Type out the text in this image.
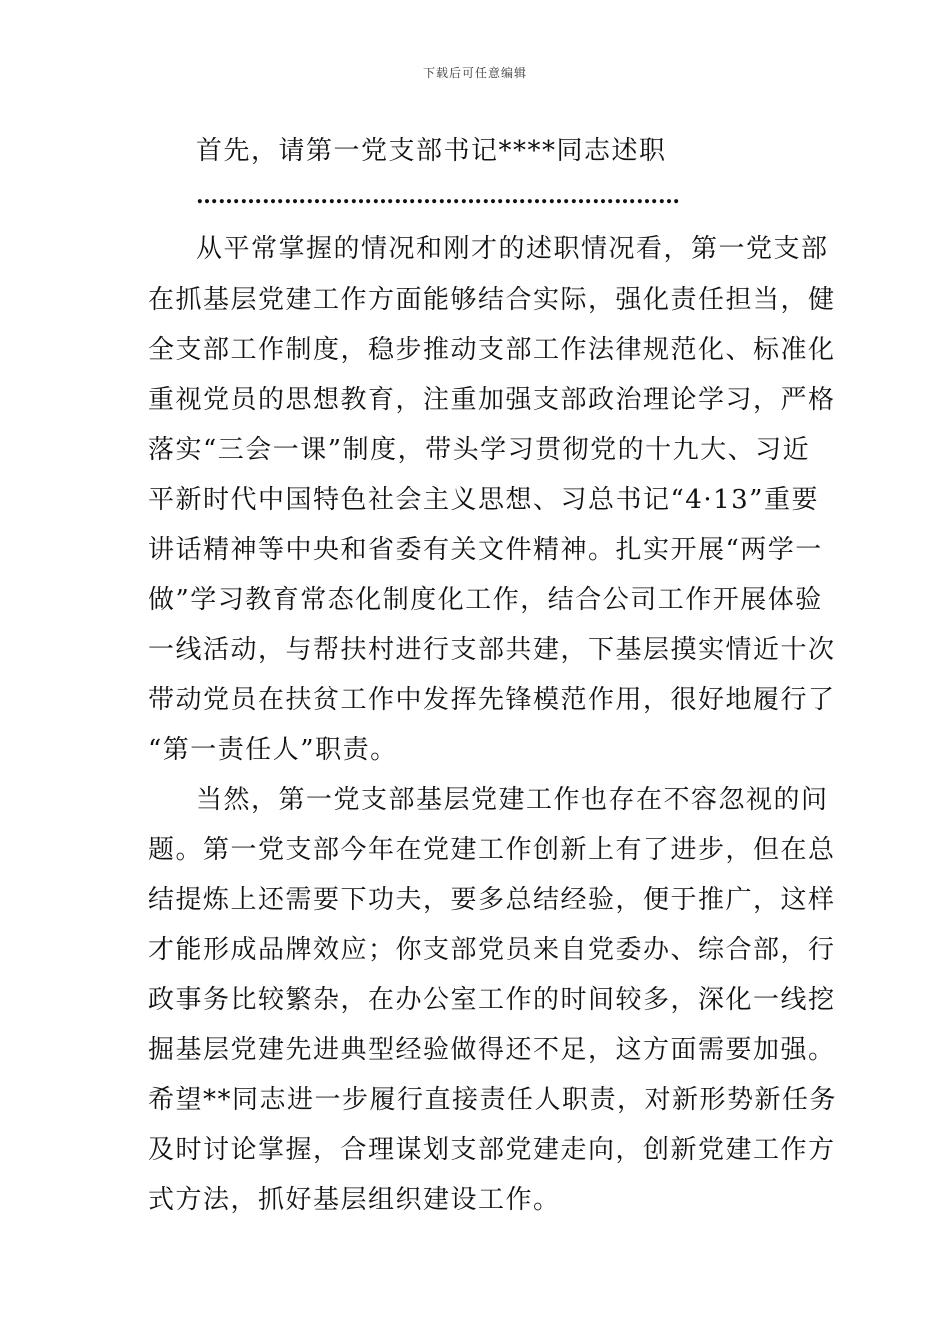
下载后可任意编辑
首先，请第一党支部书记****同志述职
…………………………………………………………
从平常掌握的情况和刚才的述职情况看，第一党支部
在抓基层党建工作方面能够结合实际，强化责任担当，健
全支部工作制度，稳步推动支部工作法律规范化、标准化
重视党员的思想教育，注重加强支部政治理论学习，严格
落实“三会一课”制度，带头学习贯彻党的十九大、习近
平新时代中国特色社会主义思想、习总书记“4·13”重要
讲话精神等中央和省委有关文件精神。扎实开展“两学一
做”学习教育常态化制度化工作，结合公司工作开展体验
一线活动，与帮扶村进行支部共建，下基层摸实情近十次
带动党员在扶贫工作中发挥先锋模范作用，很好地履行了
“第一责任人”职责。
当然，第一党支部基层党建工作也存在不容忽视的问
题。第一党支部今年在党建工作创新上有了进步，但在总
结提炼上还需要下功夫，要多总结经验，便于推广，这样
才能形成品牌效应；你支部党员来自党委办、综合部，行
政事务比较繁杂，在办公室工作的时间较多，深化一线挖
掘基层党建先进典型经验做得还不足，这方面需要加强。
希望**同志进一步履行直接责任人职责，对新形势新任务
及时讨论掌握，合理谋划支部党建走向，创新党建工作方
式方法，抓好基层组织建设工作。
